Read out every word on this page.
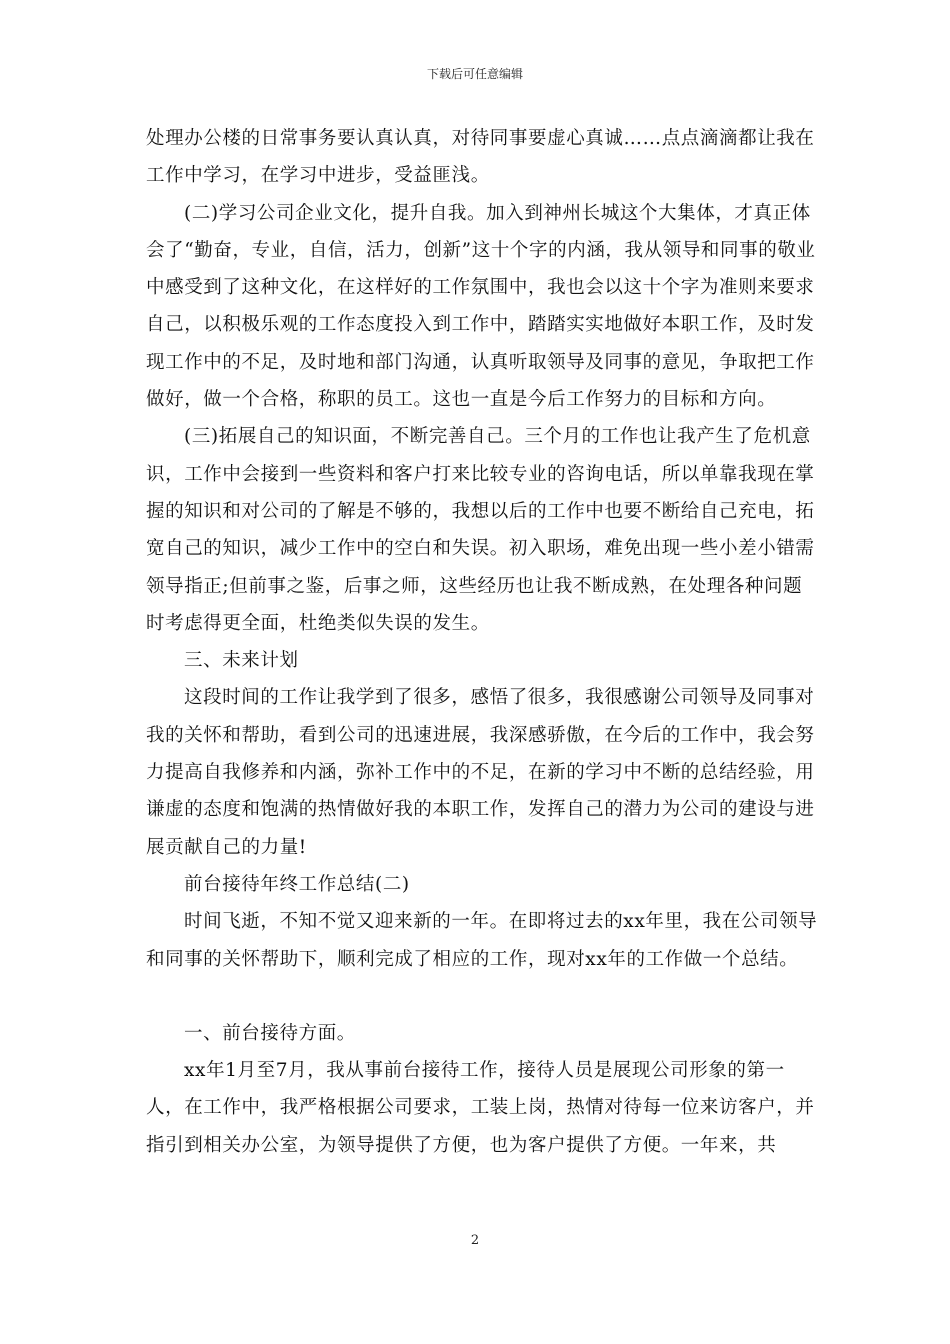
下载后可任意编辑

处理办公楼的日常事务要认真认真，对待同事要虚心真诚……点点滴滴都让我在工作中学习，在学习中进步，受益匪浅。

(二)学习公司企业文化，提升自我。加入到神州长城这个大集体，才真正体会了“勤奋，专业，自信，活力，创新”这十个字的内涵，我从领导和同事的敬业中感受到了这种文化，在这样好的工作氛围中，我也会以这十个字为准则来要求自己，以积极乐观的工作态度投入到工作中，踏踏实实地做好本职工作，及时发现工作中的不足，及时地和部门沟通，认真听取领导及同事的意见，争取把工作做好，做一个合格，称职的员工。这也一直是今后工作努力的目标和方向。

(三)拓展自己的知识面，不断完善自己。三个月的工作也让我产生了危机意识，工作中会接到一些资料和客户打来比较专业的咨询电话，所以单靠我现在掌握的知识和对公司的了解是不够的，我想以后的工作中也要不断给自己充电，拓宽自己的知识，减少工作中的空白和失误。初入职场，难免出现一些小差小错需领导指正;但前事之鉴，后事之师，这些经历也让我不断成熟，在处理各种问题时考虑得更全面，杜绝类似失误的发生。

三、未来计划

这段时间的工作让我学到了很多，感悟了很多，我很感谢公司领导及同事对我的关怀和帮助，看到公司的迅速进展，我深感骄傲，在今后的工作中，我会努力提高自我修养和内涵，弥补工作中的不足，在新的学习中不断的总结经验，用谦虚的态度和饱满的热情做好我的本职工作，发挥自己的潜力为公司的建设与进展贡献自己的力量!

前台接待年终工作总结(二)

时间飞逝，不知不觉又迎来新的一年。在即将过去的xx年里，我在公司领导和同事的关怀帮助下，顺利完成了相应的工作，现对xx年的工作做一个总结。

一、前台接待方面。

xx年1月至7月，我从事前台接待工作，接待人员是展现公司形象的第一人，在工作中，我严格根据公司要求，工装上岗，热情对待每一位来访客户，并指引到相关办公室，为领导提供了方便，也为客户提供了方便。一年来，共

2
